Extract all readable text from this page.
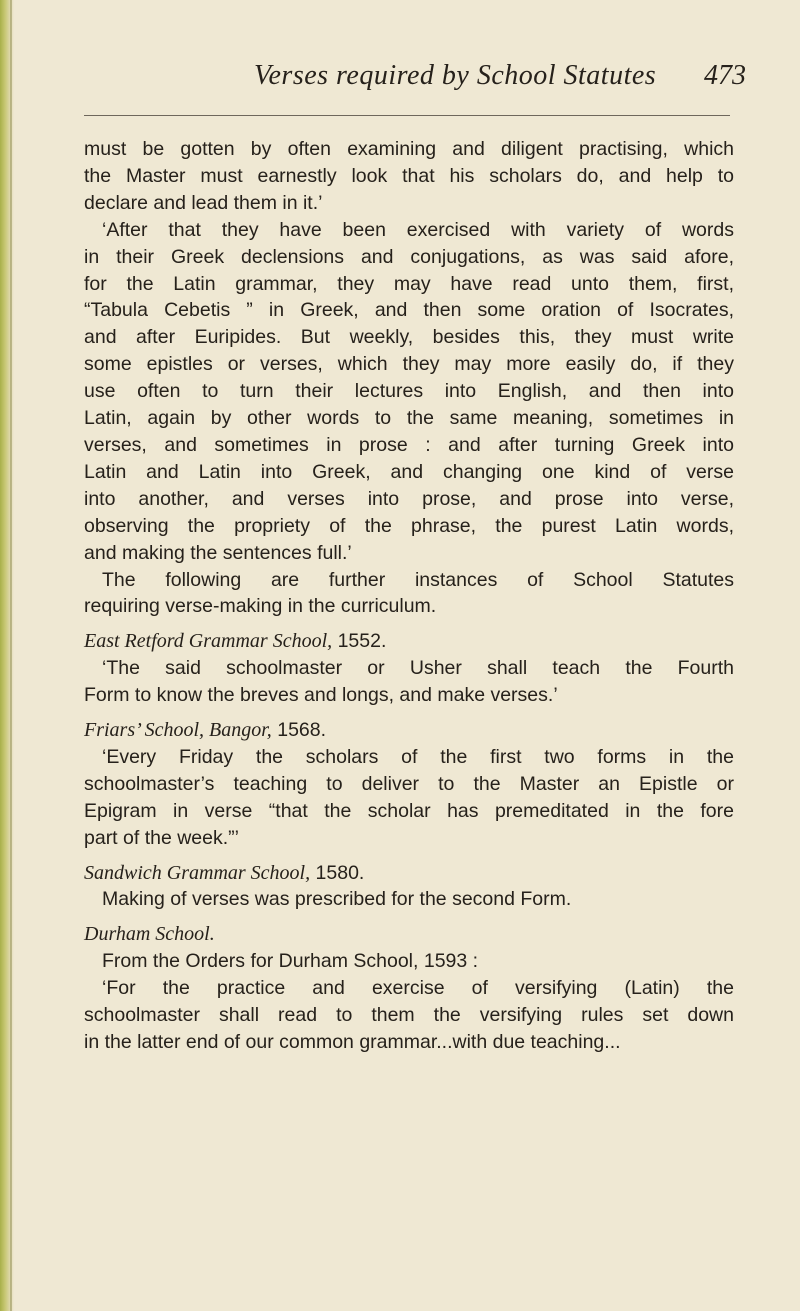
Verses required by School Statutes 473
must be gotten by often examining and diligent practising, which
the Master must earnestly look that his scholars do, and help to
declare and lead them in it.’
‘After that they have been exercised with variety of words
in their Greek declensions and conjugations, as was said afore,
for the Latin grammar, they may have read unto them, first,
“Tabula Cebetis ” in Greek, and then some oration of Isocrates,
and after Euripides. But weekly, besides this, they must write
some epistles or verses, which they may more easily do, if they
use often to turn their lectures into English, and then into
Latin, again by other words to the same meaning, sometimes in
verses, and sometimes in prose : and after turning Greek into
Latin and Latin into Greek, and changing one kind of verse
into another, and verses into prose, and prose into verse,
observing the propriety of the phrase, the purest Latin words,
and making the sentences full.’
The following are further instances of School Statutes
requiring verse-making in the curriculum.
East Retford Grammar School, 1552.
‘The said schoolmaster or Usher shall teach the Fourth
Form to know the breves and longs, and make verses.’
Friars’ School, Bangor, 1568.
‘Every Friday the scholars of the first two forms in the
schoolmaster’s teaching to deliver to the Master an Epistle or
Epigram in verse “that the scholar has premeditated in the fore
part of the week.”’
Sandwich Grammar School, 1580.
Making of verses was prescribed for the second Form.
Durham School.
From the Orders for Durham School, 1593 :
‘For the practice and exercise of versifying (Latin) the
schoolmaster shall read to them the versifying rules set down
in the latter end of our common grammar...with due teaching...
